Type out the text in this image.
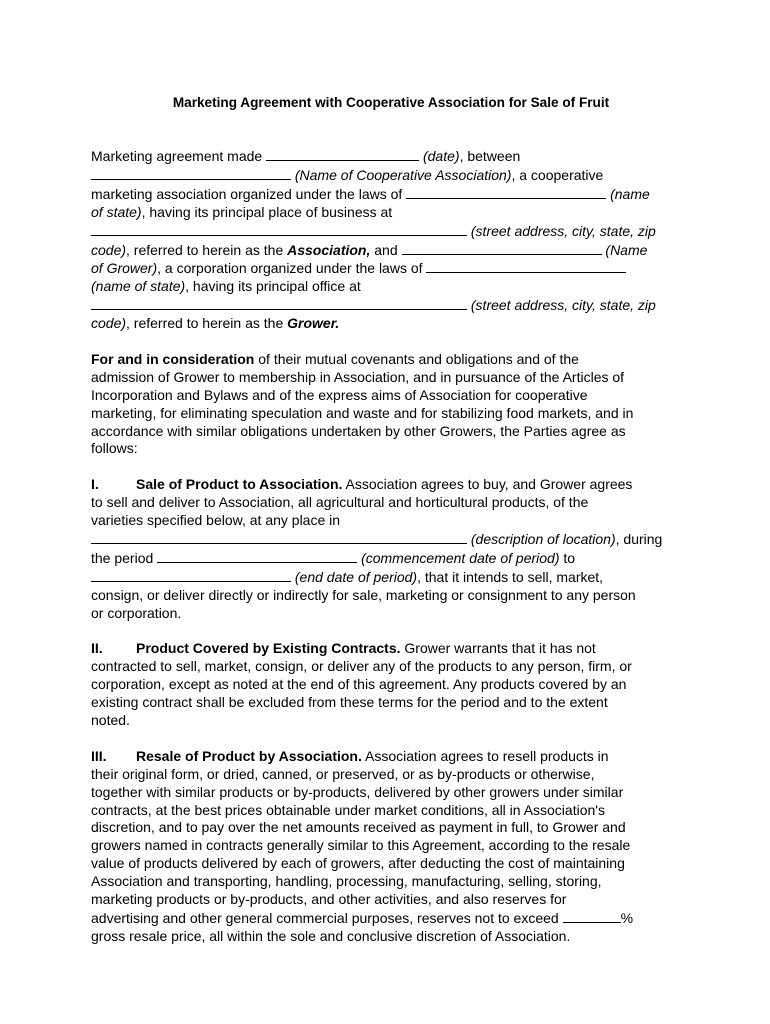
Marketing Agreement with Cooperative Association for Sale of Fruit
Marketing agreement made	(date), between
(Name of Cooperative Association), a cooperative
marketing association organized under the laws of	(name
of state), having its principal place of business at
(street address, city, state, zip
code), referred to herein as the Association, and	(Name
of Grower), a corporation organized under the laws of
(name of state), having its principal office at
(street address, city, state, zip
code), referred to herein as the Grower.
For and in consideration of their mutual covenants and obligations and of the
admission of Grower to membership in Association, and in pursuance of the Articles of
Incorporation and Bylaws and of the express aims of Association for cooperative
marketing, for eliminating speculation and waste and for stabilizing food markets, and in
accordance with similar obligations undertaken by other Growers, the Parties agree as
follows:
I.	Sale of Product to Association. Association agrees to buy, and Grower agrees
to sell and deliver to Association, all agricultural and horticultural products, of the
varieties specified below, at any place in
(description of location), during
the period	(commencement date of period) to
(end date of period), that it intends to sell, market,
consign, or deliver directly or indirectly for sale, marketing or consignment to any person
or corporation.
II. Product Covered by Existing Contracts. Grower warrants that it has not
contracted to sell, market, consign, or deliver any of the products to any person, firm, or
corporation, except as noted at the end of this agreement. Any products covered by an
existing contract shall be excluded from these terms for the period and to the extent
noted.
III. Resale of Product by Association. Association agrees to resell products in
their original form, or dried, canned, or preserved, or as by-products or otherwise,
together with similar products or by-products, delivered by other growers under similar
contracts, at the best prices obtainable under market conditions, all in Association's
discretion, and to pay over the net amounts received as payment in full, to Grower and
growers named in contracts generally similar to this Agreement, according to the resale
value of products delivered by each of growers, after deducting the cost of maintaining
Association and transporting, handling, processing, manufacturing, selling, storing,
marketing products or by-products, and other activities, and also reserves for
advertising and other general commercial purposes, reserves not to exceed	%
gross resale price, all within the sole and conclusive discretion of Association.
